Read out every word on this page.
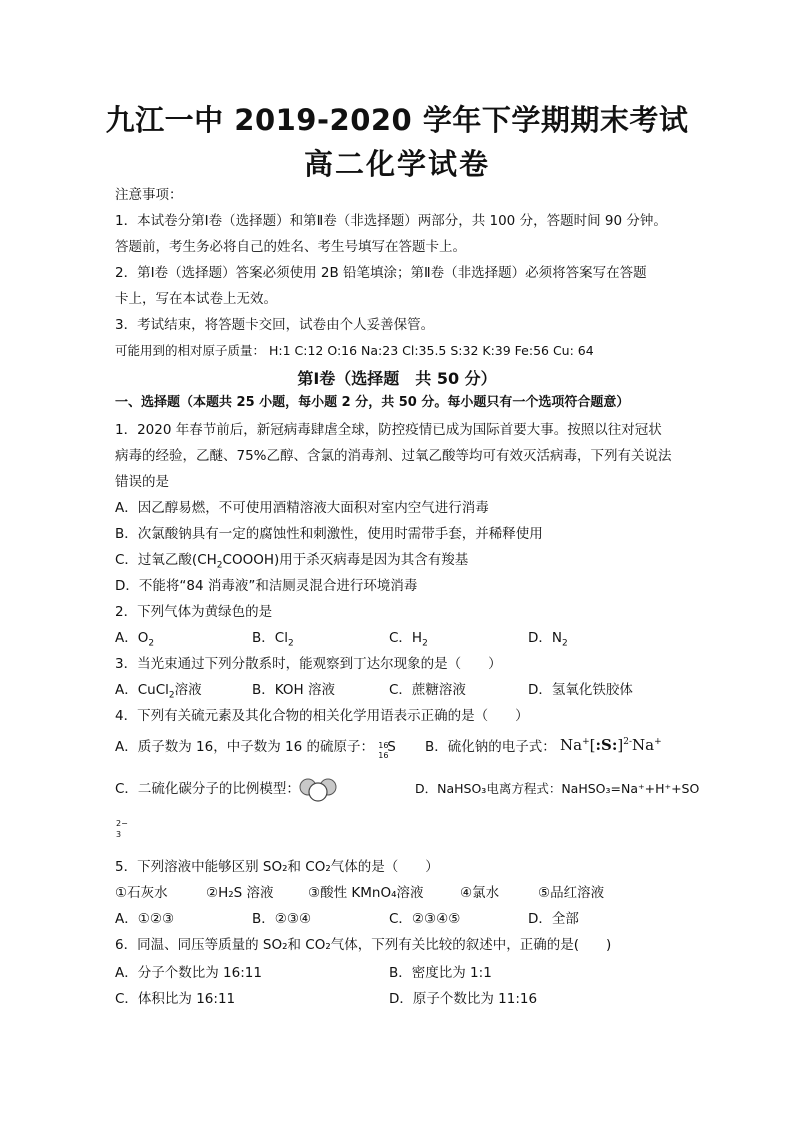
九江一中 2019-2020 学年下学期期末考试
高二化学试卷
注意事项：
1．本试卷分第Ⅰ卷（选择题）和第Ⅱ卷（非选择题）两部分，共 100 分，答题时间 90 分钟。
答题前，考生务必将自己的姓名、考生号填写在答题卡上。
2．第Ⅰ卷（选择题）答案必须使用 2B 铅笔填涂；第Ⅱ卷（非选择题）必须将答案写在答题
卡上，写在本试卷上无效。
3．考试结束，将答题卡交回，试卷由个人妥善保管。
可能用到的相对原子质量： H:1 C:12 O:16 Na:23 Cl:35.5 S:32 K:39 Fe:56 Cu: 64
第Ⅰ卷（选择题　共 50 分）
一、选择题（本题共 25 小题，每小题 2 分，共 50 分。每小题只有一个选项符合题意）
1．2020 年春节前后，新冠病毒肆虐全球，防控疫情已成为国际首要大事。按照以往对冠状
病毒的经验，乙醚、75%乙醇、含氯的消毒剂、过氧乙酸等均可有效灭活病毒，下列有关说法
错误的是
A．因乙醇易燃，不可使用酒精溶液大面积对室内空气进行消毒
B．次氯酸钠具有一定的腐蚀性和刺激性，使用时需带手套，并稀释使用
C．过氧乙酸$(CH_2COOOH)$用于杀灭病毒是因为其含有羧基
D．不能将“84 消毒液”和洁厕灵混合进行环境消毒
2．下列气体为黄绿色的是
A．$O_2$	B．$Cl_2$	C．$H_2$	D．$N_2$
3．当光束通过下列分散系时，能观察到丁达尔现象的是（　　）
A．CuCl$_2$溶液	B．KOH 溶液	C．蔗糖溶液	D．氢氧化铁胶体
4．下列有关硫元素及其化合物的相关化学用语表示正确的是（　　）
A．质子数为 16，中子数为 16 的硫原子： 16
16
S B．硫化钠的电子式： Na+[:S:]$^{2-}$Na+
C．二硫化碳分子的比例模型：	D．NaHSO₃电离方程式：NaHSO₃=Na⁺+H⁺+SO
2−
3
5．下列溶液中能够区别 SO₂和 CO₂气体的是（　　）
①石灰水	②H₂S 溶液	③酸性 KMnO₄溶液	④氯水	⑤品红溶液
A．①②③	B．②③④	C．②③④⑤	D．全部
6．同温、同压等质量的 SO₂和 CO₂气体，下列有关比较的叙述中，正确的是(　　)
A．分子个数比为 16:11	B．密度比为 1:1
C．体积比为 16:11	D．原子个数比为 11:16
